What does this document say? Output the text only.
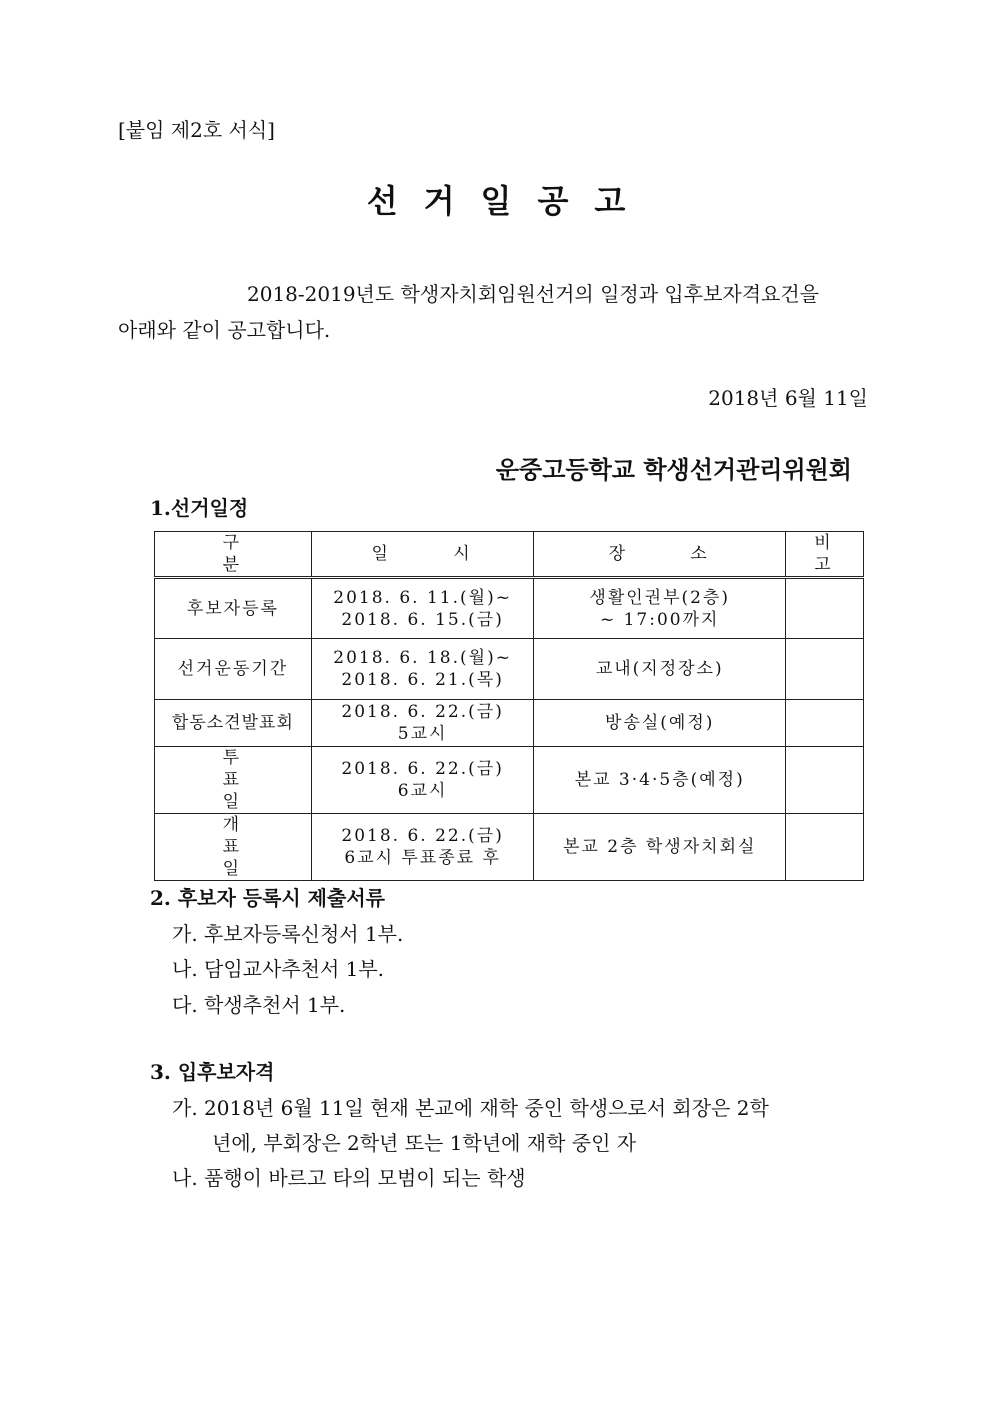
[붙임 제2호 서식]
선거일공고
2018-2019년도 학생자치회임원선거의 일정과 입후보자격요건을
아래와 같이 공고합니다.
2018년 6월 11일
운중고등학교 학생선거관리위원회
1.선거일정
구 분	일 시	장 소	비 고
후보자등록	2018. 6. 11.(월)~
2018. 6. 15.(금)	생활인권부(2층)
~ 17:00까지	

선거운동기간	2018. 6. 18.(월)~
2018. 6. 21.(목)	교내(지정장소)	
합동소견발표회	2018. 6. 22.(금)
5교시	방송실(예정)	
투 표 일	2018. 6. 22.(금)
6교시	본교 3·4·5층(예정)	
개 표 일	2018. 6. 22.(금)
6교시 투표종료 후	본교 2층 학생자치회실	
2. 후보자 등록시 제출서류
가. 후보자등록신청서 1부.
나. 담임교사추천서 1부.
다. 학생추천서 1부.
3. 입후보자격
가. 2018년 6월 11일 현재 본교에 재학 중인 학생으로서 회장은 2학
년에, 부회장은 2학년 또는 1학년에 재학 중인 자
나. 품행이 바르고 타의 모범이 되는 학생
